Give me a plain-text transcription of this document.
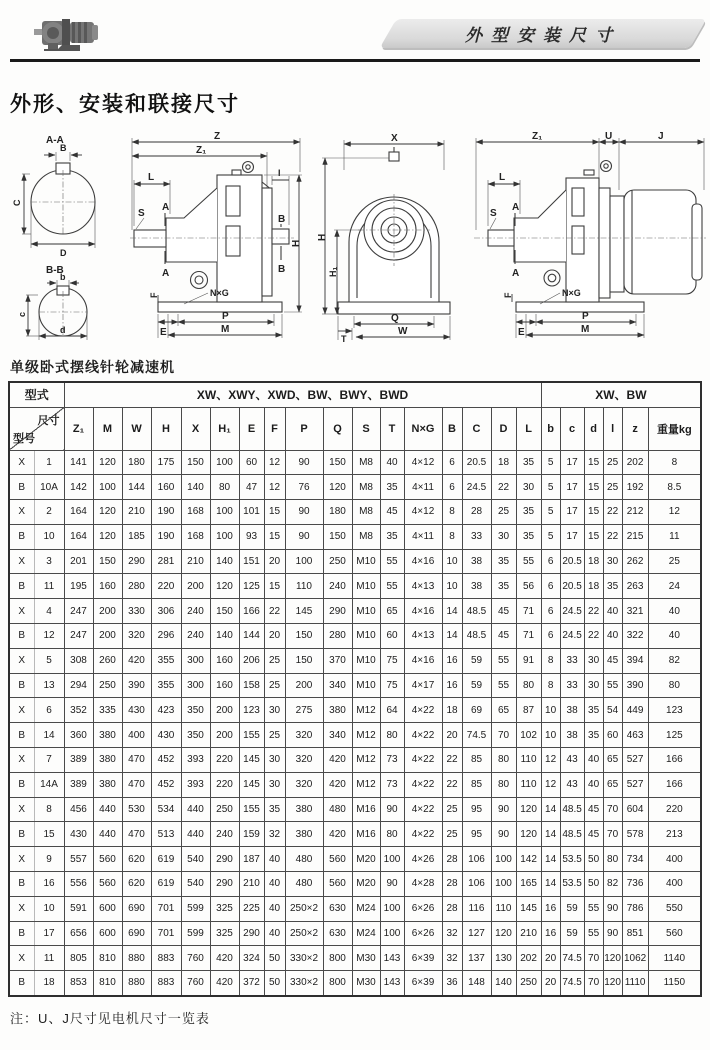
外型安装尺寸
外形、安装和联接尺寸
A-A
B
C
D
B-B
b
c
d
Z
Z₁
L	I
S
A
A
B
B
H
N×G
F
E
P
M
X
H
H₁
Q
T
W
Z₁	U	J
L
S
A
A
N×G
F
E
P
M
单级卧式摆线针轮减速机
型式		XW、XWY、XWD、BW、BWY、BWD																	XW、BW					

尺寸
型号		Z₁	M	W	H	X	H₁	E	F	P	Q	S	T	N×G	B	C	D	L	b	c	d	l	z	重量kg
X	1	141	120	180	175	150	100	60	12	90	150	M8	40	4×12	6	20.5	18	35	5	17	15	25	202	8
B	10A	142	100	144	160	140	80	47	12	76	120	M8	35	4×11	6	24.5	22	30	5	17	15	25	192	8.5
X	2	164	120	210	190	168	100	101	15	90	180	M8	45	4×12	8	28	25	35	5	17	15	22	212	12
B	10	164	120	185	190	168	100	93	15	90	150	M8	35	4×11	8	33	30	35	5	17	15	22	215	11
X	3	201	150	290	281	210	140	151	20	100	250	M10	55	4×16	10	38	35	55	6	20.5	18	30	262	25
B	11	195	160	280	220	200	120	125	15	110	240	M10	55	4×13	10	38	35	56	6	20.5	18	35	263	24
X	4	247	200	330	306	240	150	166	22	145	290	M10	65	4×16	14	48.5	45	71	6	24.5	22	40	321	40
B	12	247	200	320	296	240	140	144	20	150	280	M10	60	4×13	14	48.5	45	71	6	24.5	22	40	322	40
X	5	308	260	420	355	300	160	206	25	150	370	M10	75	4×16	16	59	55	91	8	33	30	45	394	82
B	13	294	250	390	355	300	160	158	25	200	340	M10	75	4×17	16	59	55	80	8	33	30	55	390	80
X	6	352	335	430	423	350	200	123	30	275	380	M12	64	4×22	18	69	65	87	10	38	35	54	449	123
B	14	360	380	400	430	350	200	155	25	320	340	M12	80	4×22	20	74.5	70	102	10	38	35	60	463	125
X	7	389	380	470	452	393	220	145	30	320	420	M12	73	4×22	22	85	80	110	12	43	40	65	527	166
B	14A	389	380	470	452	393	220	145	30	320	420	M12	73	4×22	22	85	80	110	12	43	40	65	527	166
X	8	456	440	530	534	440	250	155	35	380	480	M16	90	4×22	25	95	90	120	14	48.5	45	70	604	220
B	15	430	440	470	513	440	240	159	32	380	420	M16	80	4×22	25	95	90	120	14	48.5	45	70	578	213
X	9	557	560	620	619	540	290	187	40	480	560	M20	100	4×26	28	106	100	142	14	53.5	50	80	734	400
B	16	556	560	620	619	540	290	210	40	480	560	M20	90	4×28	28	106	100	165	14	53.5	50	82	736	400
X	10	591	600	690	701	599	325	225	40	250×2	630	M24	100	6×26	28	116	110	145	16	59	55	90	786	550
B	17	656	600	690	701	599	325	290	40	250×2	630	M24	100	6×26	32	127	120	210	16	59	55	90	851	560
X	11	805	810	880	883	760	420	324	50	330×2	800	M30	143	6×39	32	137	130	202	20	74.5	70	120	1062	1140
B	18	853	810	880	883	760	420	372	50	330×2	800	M30	143	6×39	36	148	140	250	20	74.5	70	120	1110	1150
注：U、J尺寸见电机尺寸一览表
